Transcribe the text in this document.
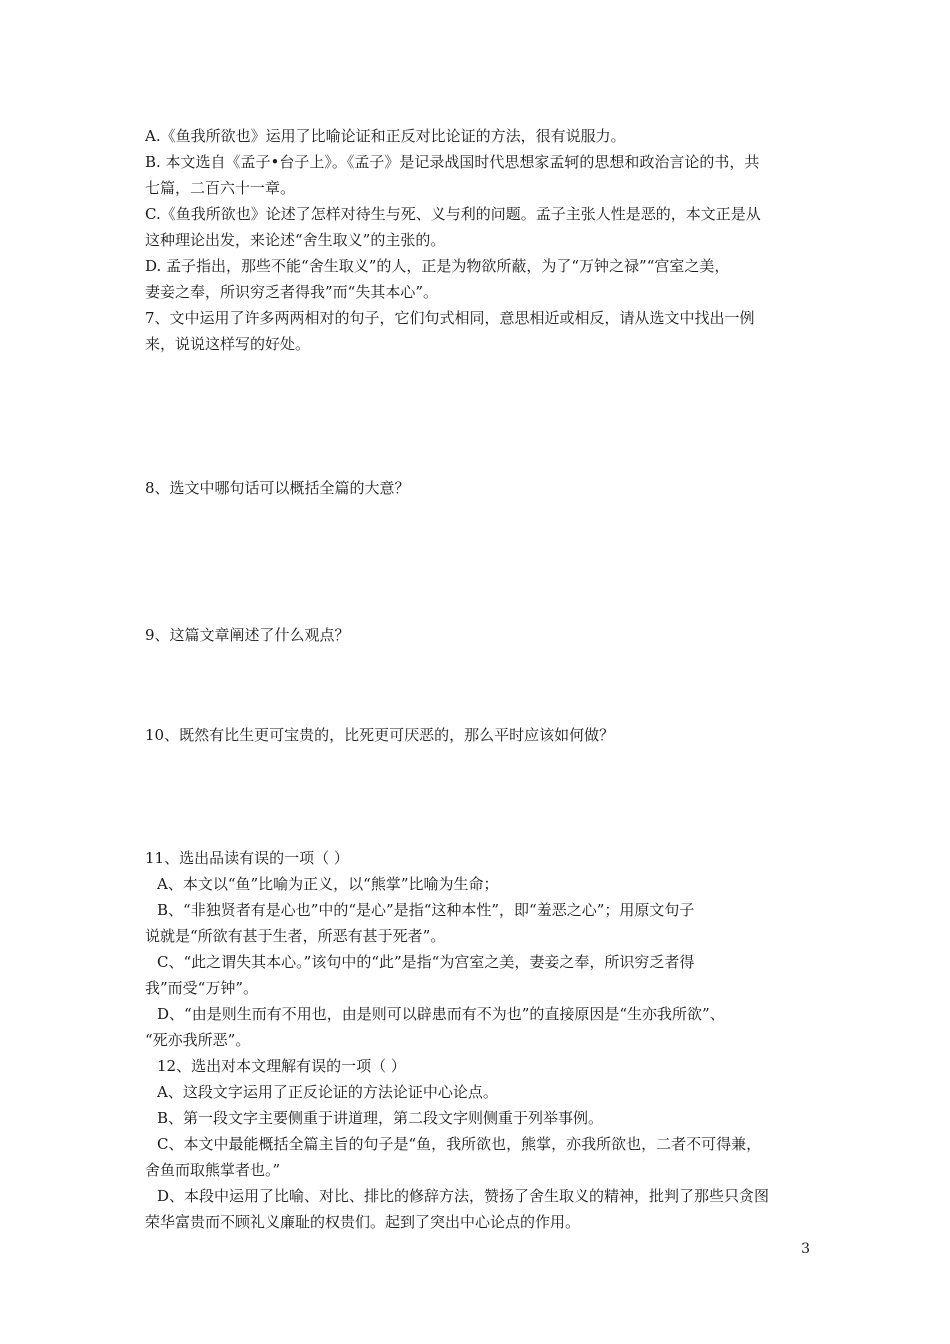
A.《鱼我所欲也》运用了比喻论证和正反对比论证的方法，很有说服力。
B. 本文选自《孟子•台子上》。《孟子》是记录战国时代思想家孟轲的思想和政治言论的书，共
七篇，二百六十一章。
C.《鱼我所欲也》论述了怎样对待生与死、义与利的问题。孟子主张人性是恶的，本文正是从
这种理论出发，来论述“舍生取义”的主张的。
D. 孟子指出，那些不能“舍生取义”的人，正是为物欲所蔽，为了“万钟之禄”“宫室之美，
妻妾之奉，所识穷乏者得我”而“失其本心”。
7、文中运用了许多两两相对的句子，它们句式相同，意思相近或相反，请从选文中找出一例
来，说说这样写的好处。
8、选文中哪句话可以概括全篇的大意？
9、这篇文章阐述了什么观点？
10、既然有比生更可宝贵的，比死更可厌恶的，那么平时应该如何做？
11、选出品读有误的一项（ ）
A、本文以“鱼”比喻为正义，以“熊掌”比喻为生命；
B、“非独贤者有是心也”中的“是心”是指“这种本性”，即“羞恶之心”；用原文句子
说就是“所欲有甚于生者，所恶有甚于死者”。
C、“此之谓失其本心。”该句中的“此”是指“为宫室之美，妻妾之奉，所识穷乏者得
我”而受“万钟”。
D、“由是则生而有不用也，由是则可以辟患而有不为也”的直接原因是“生亦我所欲”、
“死亦我所恶”。
12、选出对本文理解有误的一项（ ）
A、这段文字运用了正反论证的方法论证中心论点。
B、第一段文字主要侧重于讲道理，第二段文字则侧重于列举事例。
C、本文中最能概括全篇主旨的句子是“鱼，我所欲也，熊掌，亦我所欲也，二者不可得兼，
舍鱼而取熊掌者也。”
D、本段中运用了比喻、对比、排比的修辞方法，赞扬了舍生取义的精神，批判了那些只贪图
荣华富贵而不顾礼义廉耻的权贵们。起到了突出中心论点的作用。
3
